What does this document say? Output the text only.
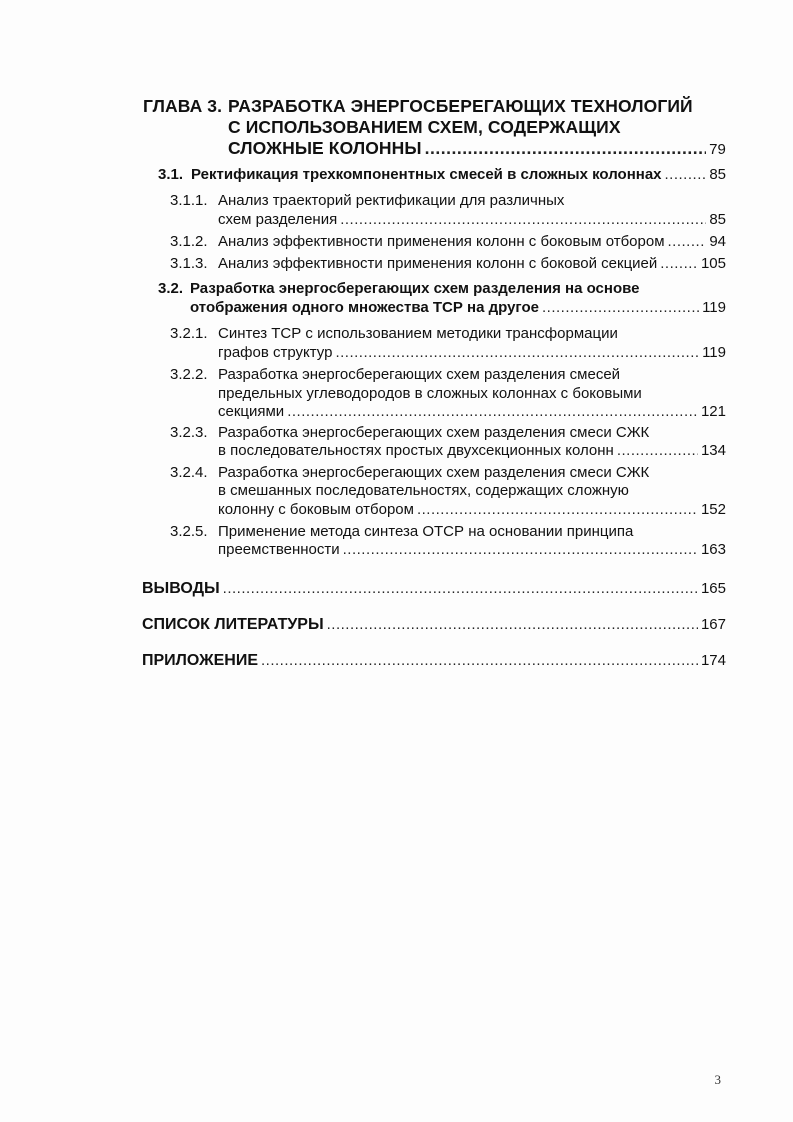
ГЛАВА 3. РАЗРАБОТКА ЭНЕРГОСБЕРЕГАЮЩИХ ТЕХНОЛОГИЙ
С ИСПОЛЬЗОВАНИЕМ СХЕМ, СОДЕРЖАЩИХ
СЛОЖНЫЕ КОЛОННЫ .....	79
3.1. Ректификация трехкомпонентных смесей в сложных колоннах .....	85
3.1.1. Анализ траекторий ректификации для различных
схем разделения .....	85
3.1.2. Анализ эффективности применения колонн с боковым отбором .....	94
3.1.3. Анализ эффективности применения колонн с боковой секцией .....	105
3.2. Разработка энергосберегающих схем разделения на основе
отображения одного множества ТСР на другое .....	119
3.2.1. Синтез ТСР с использованием методики трансформации
графов структур .....	119
3.2.2. Разработка энергосберегающих схем разделения смесей
предельных углеводородов в сложных колоннах с боковыми
секциями .....	121
3.2.3. Разработка энергосберегающих схем разделения смеси СЖК
в последовательностях простых двухсекционных колонн .....	134
3.2.4. Разработка энергосберегающих схем разделения смеси СЖК
в смешанных последовательностях, содержащих сложную
колонну с боковым отбором .....	152
3.2.5. Применение метода синтеза ОТСР на основании принципа
преемственности .....	163
ВЫВОДЫ .....	165
СПИСОК ЛИТЕРАТУРЫ .....	167
ПРИЛОЖЕНИЕ .....	174
3
